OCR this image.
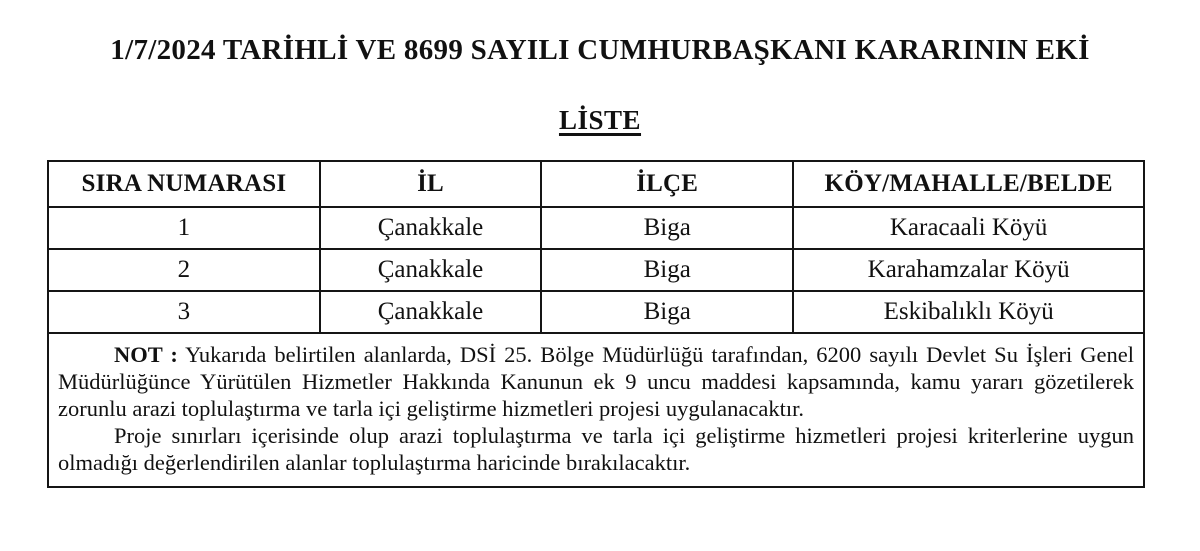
1/7/2024 TARİHLİ VE 8699 SAYILI CUMHURBAŞKANI KARARININ EKİ
LİSTE
SIRA NUMARASI	İL	İLÇE	KÖY/MAHALLE/BELDE
1	Çanakkale	Biga	Karacaali Köyü
2	Çanakkale	Biga	Karahamzalar Köyü
3	Çanakkale	Biga	Eskibalıklı Köyü

NOT : Yukarıda belirtilen alanlarda, DSİ 25. Bölge Müdürlüğü tarafından, 6200 sayılı Devlet Su İşleri Genel Müdürlüğünce Yürütülen Hizmetler Hakkında Kanunun ek 9 uncu maddesi kapsamında, kamu yararı gözetilerek zorunlu arazi toplulaştırma ve tarla içi geliştirme hizmetleri projesi uygulanacaktır.

Proje sınırları içerisinde olup arazi toplulaştırma ve tarla içi geliştirme hizmetleri projesi kriterlerine uygun olmadığı değerlendirilen alanlar toplulaştırma haricinde bırakılacaktır.			
